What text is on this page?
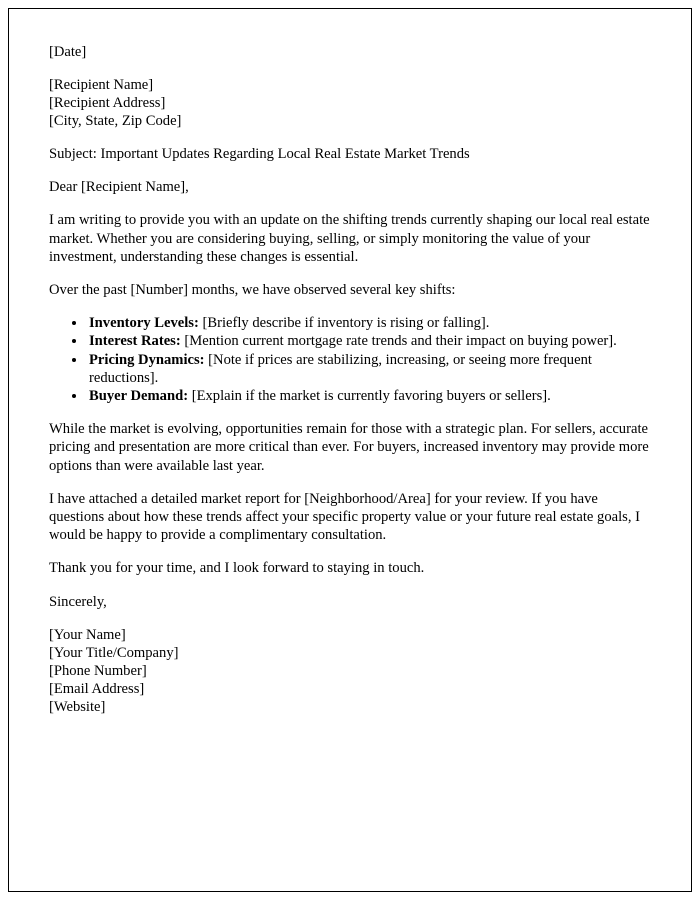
[Date]
[Recipient Name]
[Recipient Address]
[City, State, Zip Code]
Subject: Important Updates Regarding Local Real Estate Market Trends
Dear [Recipient Name],

I am writing to provide you with an update on the shifting trends currently shaping our local real estate market. Whether you are considering buying, selling, or simply monitoring the value of your investment, understanding these changes is essential.

Over the past [Number] months, we have observed several key shifts:

• Inventory Levels: [Briefly describe if inventory is rising or falling].
• Interest Rates: [Mention current mortgage rate trends and their impact on buying power].
• Pricing Dynamics: [Note if prices are stabilizing, increasing, or seeing more frequent reductions].
• Buyer Demand: [Explain if the market is currently favoring buyers or sellers].

While the market is evolving, opportunities remain for those with a strategic plan. For sellers, accurate pricing and presentation are more critical than ever. For buyers, increased inventory may provide more options than were available last year.

I have attached a detailed market report for [Neighborhood/Area] for your review. If you have questions about how these trends affect your specific property value or your future real estate goals, I would be happy to provide a complimentary consultation.

Thank you for your time, and I look forward to staying in touch.

Sincerely,
[Your Name]
[Your Title/Company]
[Phone Number]
[Email Address]
[Website]
